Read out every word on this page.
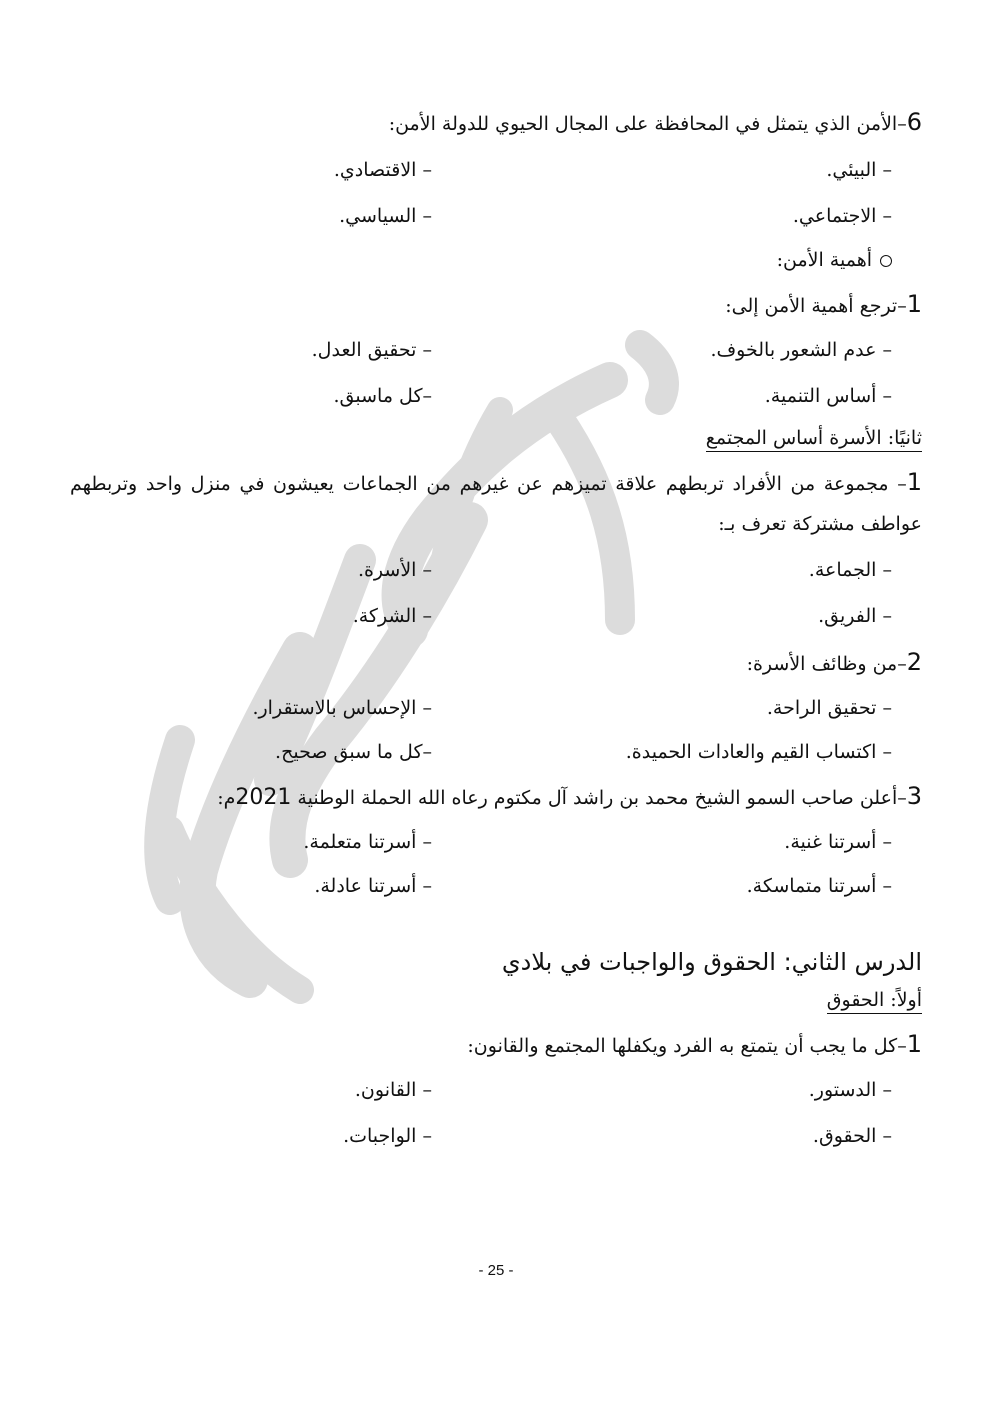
6–الأمن الذي يتمثل في المحافظة على المجال الحيوي للدولة الأمن:
– البيئي.
– الاقتصادي.
– الاجتماعي.
– السياسي.
أهمية الأمن:
1–ترجع أهمية الأمن إلى:
– عدم الشعور بالخوف.
– تحقيق العدل.
– أساس التنمية.
–كل ماسبق.
ثانيًا: الأسرة أساس المجتمع
1– مجموعة من الأفراد تربطهم علاقة تميزهم عن غيرهم من الجماعات يعيشون في منزل واحد وتربطهم عواطف مشتركة تعرف بـ:
– الجماعة.
– الأسرة.
– الفريق.
– الشركة.
2–من وظائف الأسرة:
– تحقيق الراحة.
– الإحساس بالاستقرار.
– اكتساب القيم والعادات الحميدة.
–كل ما سبق صحيح.
3–أعلن صاحب السمو الشيخ محمد بن راشد آل مكتوم رعاه الله الحملة الوطنية 2021م:
– أسرتنا غنية.
– أسرتنا متعلمة.
– أسرتنا متماسكة.
– أسرتنا عادلة.
الدرس الثاني: الحقوق والواجبات في بلادي
أولاً: الحقوق
1–كل ما يجب أن يتمتع به الفرد ويكفلها المجتمع والقانون:
– الدستور.
– القانون.
– الحقوق.
– الواجبات.
- 25 -
